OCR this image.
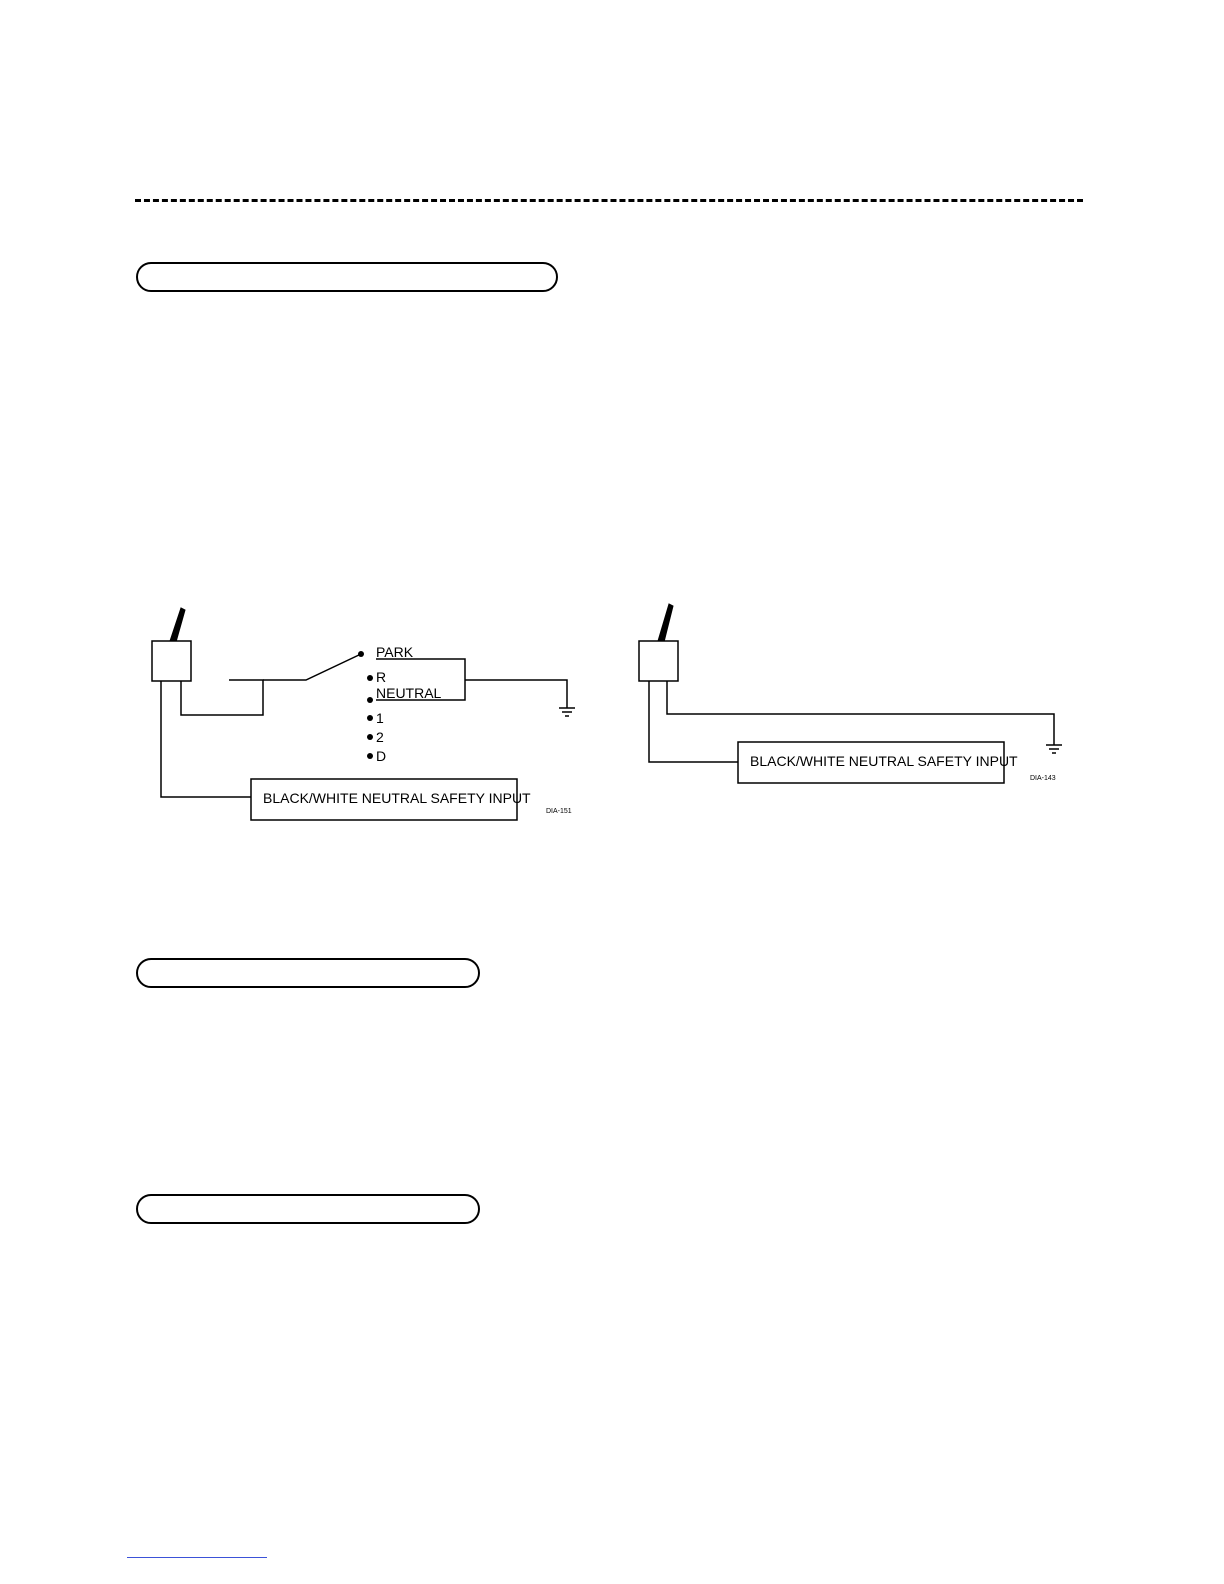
PARK
R
NEUTRAL
1
2
D
BLACK/WHITE NEUTRAL SAFETY INPUT
DIA-151
BLACK/WHITE NEUTRAL SAFETY INPUT
DIA-143
